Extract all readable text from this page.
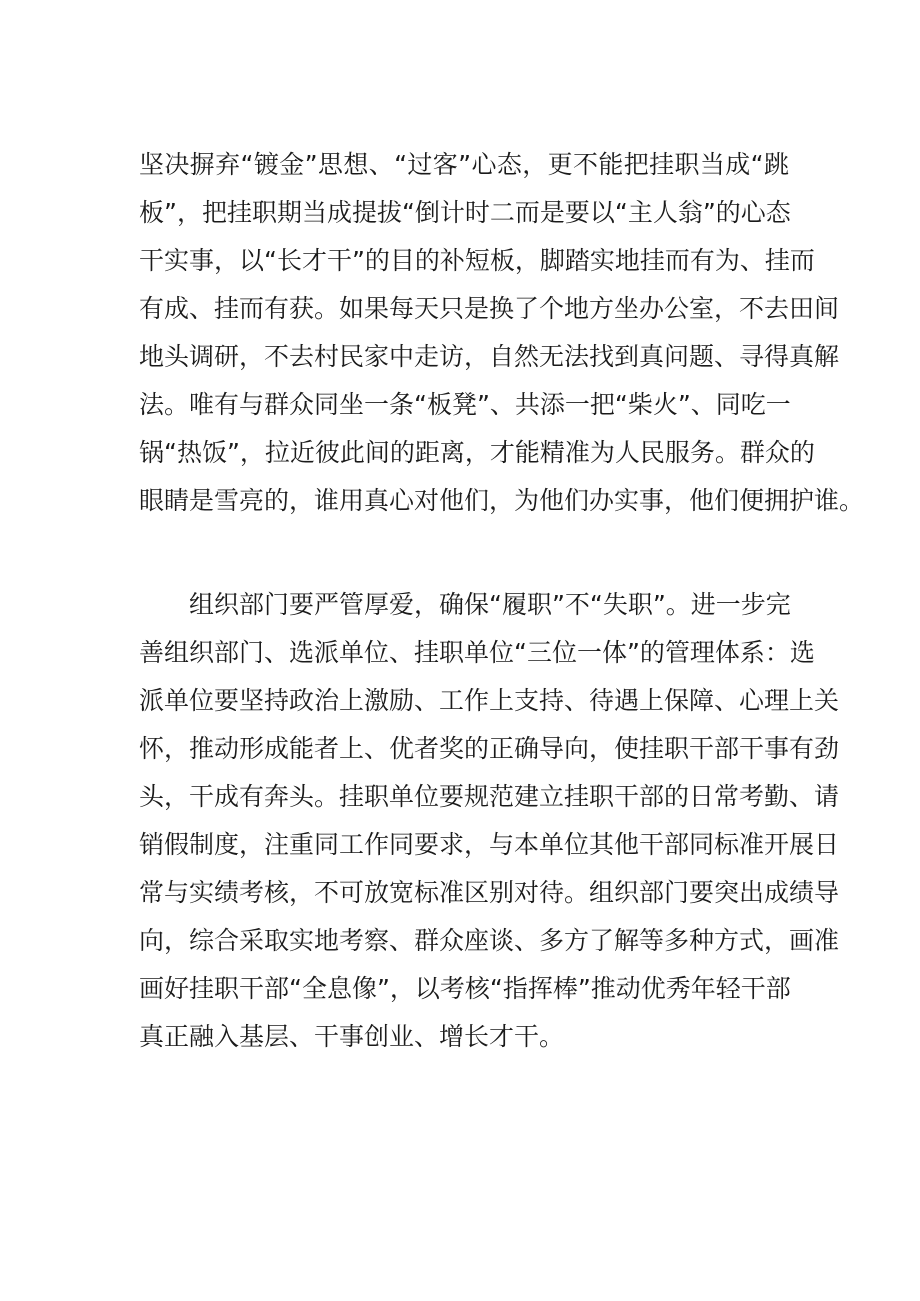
坚决摒弃“镀金”思想、“过客”心态，更不能把挂职当成“跳
板”，把挂职期当成提拔“倒计时二而是要以“主人翁”的心态
干实事，以“长才干”的目的补短板，脚踏实地挂而有为、挂而
有成、挂而有获。如果每天只是换了个地方坐办公室，不去田间
地头调研，不去村民家中走访，自然无法找到真问题、寻得真解
法。唯有与群众同坐一条“板凳”、共添一把“柴火”、同吃一
锅“热饭”，拉近彼此间的距离，才能精准为人民服务。群众的
眼睛是雪亮的，谁用真心对他们，为他们办实事，他们便拥护谁。
　　组织部门要严管厚爱，确保“履职”不“失职”。进一步完
善组织部门、选派单位、挂职单位“三位一体”的管理体系：选
派单位要坚持政治上激励、工作上支持、待遇上保障、心理上关
怀，推动形成能者上、优者奖的正确导向，使挂职干部干事有劲
头，干成有奔头。挂职单位要规范建立挂职干部的日常考勤、请
销假制度，注重同工作同要求，与本单位其他干部同标准开展日
常与实绩考核，不可放宽标准区别对待。组织部门要突出成绩导
向，综合采取实地考察、群众座谈、多方了解等多种方式，画准
画好挂职干部“全息像”，以考核“指挥棒”推动优秀年轻干部
真正融入基层、干事创业、增长才干。
